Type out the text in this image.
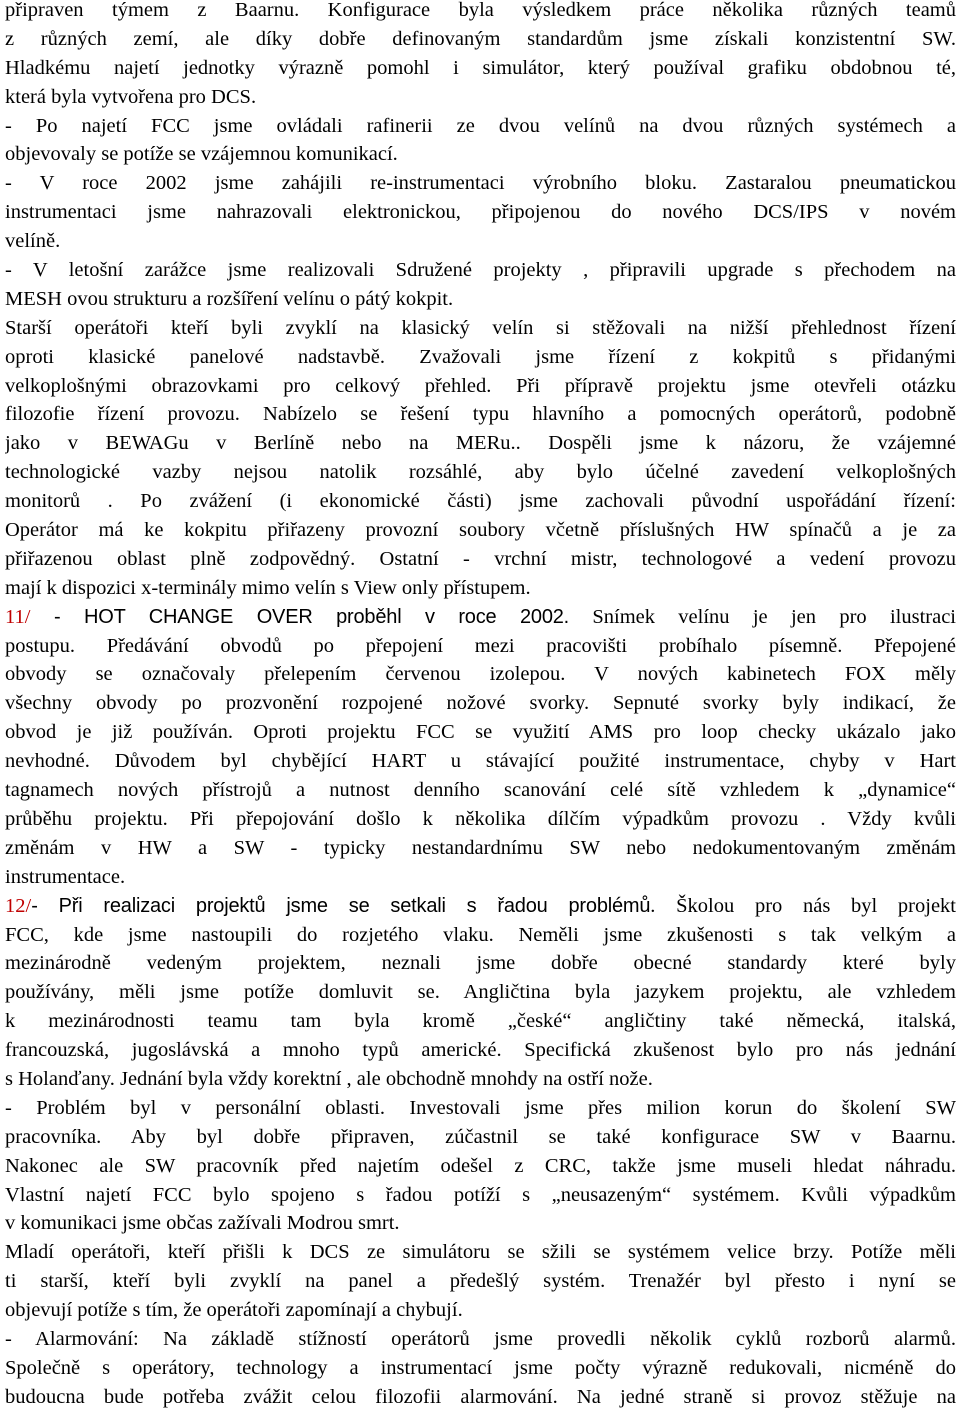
připraven týmem z Baarnu. Konfigurace byla výsledkem práce několika různých teamů
z různých zemí, ale díky dobře definovaným standardům jsme získali konzistentní SW.
Hladkému najetí jednotky výrazně pomohl i simulátor, který používal grafiku obdobnou té,
která byla vytvořena pro DCS.
- Po najetí FCC jsme ovládali rafinerii ze dvou velínů na dvou různých systémech a
objevovaly se potíže se vzájemnou komunikací.
- V roce 2002 jsme zahájili re-instrumentaci výrobního bloku. Zastaralou pneumatickou
instrumentaci jsme nahrazovali elektronickou, připojenou do nového DCS/IPS v novém
velíně.
- V letošní zarážce jsme realizovali Sdružené projekty , připravili upgrade s přechodem na
MESH ovou strukturu a rozšíření velínu o pátý kokpit.
Starší operátoři kteří byli zvyklí na klasický velín si stěžovali na nižší přehlednost řízení
oproti klasické panelové nadstavbě. Zvažovali jsme řízení z kokpitů s přidanými
velkoplošnými obrazovkami pro celkový přehled. Při přípravě projektu jsme otevřeli otázku
filozofie řízení provozu. Nabízelo se řešení typu hlavního a pomocných operátorů, podobně
jako v BEWAGu v Berlíně nebo na MERu.. Dospěli jsme k názoru, že vzájemné
technologické vazby nejsou natolik rozsáhlé, aby bylo účelné zavedení velkoplošných
monitorů . Po zvážení (i ekonomické části) jsme zachovali původní uspořádání řízení:
Operátor má ke kokpitu přiřazeny provozní soubory včetně příslušných HW spínačů a je za
přiřazenou oblast plně zodpovědný. Ostatní - vrchní mistr, technologové a vedení provozu
mají k dispozici x-terminály mimo velín s View only přístupem.
11/ - HOT CHANGE OVER proběhl v roce 2002. Snímek velínu je jen pro ilustraci
postupu. Předávání obvodů po přepojení mezi pracovišti probíhalo písemně. Přepojené
obvody se označovaly přelepením červenou izolepou. V nových kabinetech FOX měly
všechny obvody po prozvonění rozpojené nožové svorky. Sepnuté svorky byly indikací, že
obvod je již používán. Oproti projektu FCC se využití AMS pro loop checky ukázalo jako
nevhodné. Důvodem byl chybějící HART u stávající použité instrumentace, chyby v Hart
tagnamech nových přístrojů a nutnost denního scanování celé sítě vzhledem k „dynamice“
průběhu projektu. Při přepojování došlo k několika dílčím výpadkům provozu . Vždy kvůli
změnám v HW a SW - typicky nestandardnímu SW nebo nedokumentovaným změnám
instrumentace.
12/- Při realizaci projektů jsme se setkali s řadou problémů. Školou pro nás byl projekt
FCC, kde jsme nastoupili do rozjetého vlaku. Neměli jsme zkušenosti s tak velkým a
mezinárodně vedeným projektem, neznali jsme dobře obecné standardy které byly
používány, měli jsme potíže domluvit se. Angličtina byla jazykem projektu, ale vzhledem
k mezinárodnosti teamu tam byla kromě „české“ angličtiny také německá, italská,
francouzská, jugoslávská a mnoho typů americké. Specifická zkušenost bylo pro nás jednání
s Holanďany. Jednání byla vždy korektní , ale obchodně mnohdy na ostří nože.
- Problém byl v personální oblasti. Investovali jsme přes milion korun do školení SW
pracovníka. Aby byl dobře připraven, zúčastnil se také konfigurace SW v Baarnu.
Nakonec ale SW pracovník před najetím odešel z CRC, takže jsme museli hledat náhradu.
Vlastní najetí FCC bylo spojeno s řadou potíží s „neusazeným“ systémem. Kvůli výpadkům
v komunikaci jsme občas zažívali Modrou smrt.
Mladí operátoři, kteří přišli k DCS ze simulátoru se sžili se systémem velice brzy. Potíže měli
ti starší, kteří byli zvyklí na panel a předešlý systém. Trenažér byl přesto i nyní se
objevují potíže s tím, že operátoři zapomínají a chybují.
- Alarmování: Na základě stížností operátorů jsme provedli několik cyklů rozborů alarmů.
Společně s operátory, technology a instrumentací jsme počty výrazně redukovali, nicméně do
budoucna bude potřeba zvážit celou filozofii alarmování. Na jedné straně si provoz stěžuje na
